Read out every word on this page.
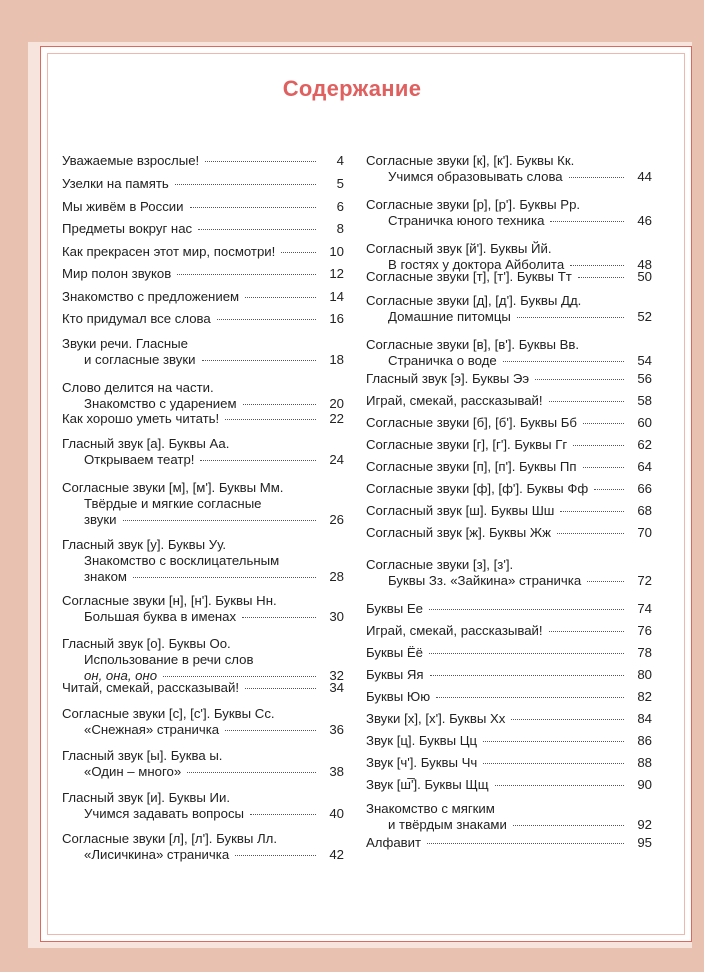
Содержание
Уважаемые взрослые!	4
Узелки на память	5
Мы живём в России	6
Предметы вокруг нас	8
Как прекрасен этот мир, посмотри!	10
Мир полон звуков	12
Знакомство с предложением	14
Кто придумал все слова	16
Звуки речи. Гласные
и согласные звуки	18
Слово делится на части.
Знакомство с ударением	20
Как хорошо уметь читать!	22
Гласный звук [а]. Буквы Аа.
Открываем театр!	24
Согласные звуки [м], [м']. Буквы Мм.
Твёрдые и мягкие согласные
звуки	26
Гласный звук [у]. Буквы Уу.
Знакомство с восклицательным
знаком	28
Согласные звуки [н], [н']. Буквы Нн.
Большая буква в именах	30
Гласный звук [о]. Буквы Оо.
Использование в речи слов
он, она, оно	32
Читай, смекай, рассказывай!	34
Согласные звуки [с], [с']. Буквы Сс.
«Снежная» страничка	36
Гласный звук [ы]. Буква ы.
«Один – много»	38
Гласный звук [и]. Буквы Ии.
Учимся задавать вопросы	40
Согласные звуки [л], [л']. Буквы Лл.
«Лисичкина» страничка	42
Согласные звуки [к], [к']. Буквы Кк.
Учимся образовывать слова	44
Согласные звуки [р], [р']. Буквы Рр.
Страничка юного техника	46
Согласный звук [й']. Буквы Йй.
В гостях у доктора Айболита	48
Согласные звуки [т], [т']. Буквы Тт	50
Согласные звуки [д], [д']. Буквы Дд.
Домашние питомцы	52
Согласные звуки [в], [в']. Буквы Вв.
Страничка о воде	54
Гласный звук [э]. Буквы Ээ	56
Играй, смекай, рассказывай!	58
Согласные звуки [б], [б']. Буквы Бб	60
Согласные звуки [г], [г']. Буквы Гг	62
Согласные звуки [п], [п']. Буквы Пп	64
Согласные звуки [ф], [ф']. Буквы Фф	66
Согласный звук [ш]. Буквы Шш	68
Согласный звук [ж]. Буквы Жж	70
Согласные звуки [з], [з'].
Буквы Зз. «Зайкина» страничка	72
Буквы Ее	74
Играй, смекай, рассказывай!	76
Буквы Ёё	78
Буквы Яя	80
Буквы Юю	82
Звуки [х], [х']. Буквы Хх	84
Звук [ц]. Буквы Цц	86
Звук [ч']. Буквы Чч	88
Звук [ш̅']. Буквы Щщ	90
Знакомство с мягким
и твёрдым знаками	92
Алфавит	95
